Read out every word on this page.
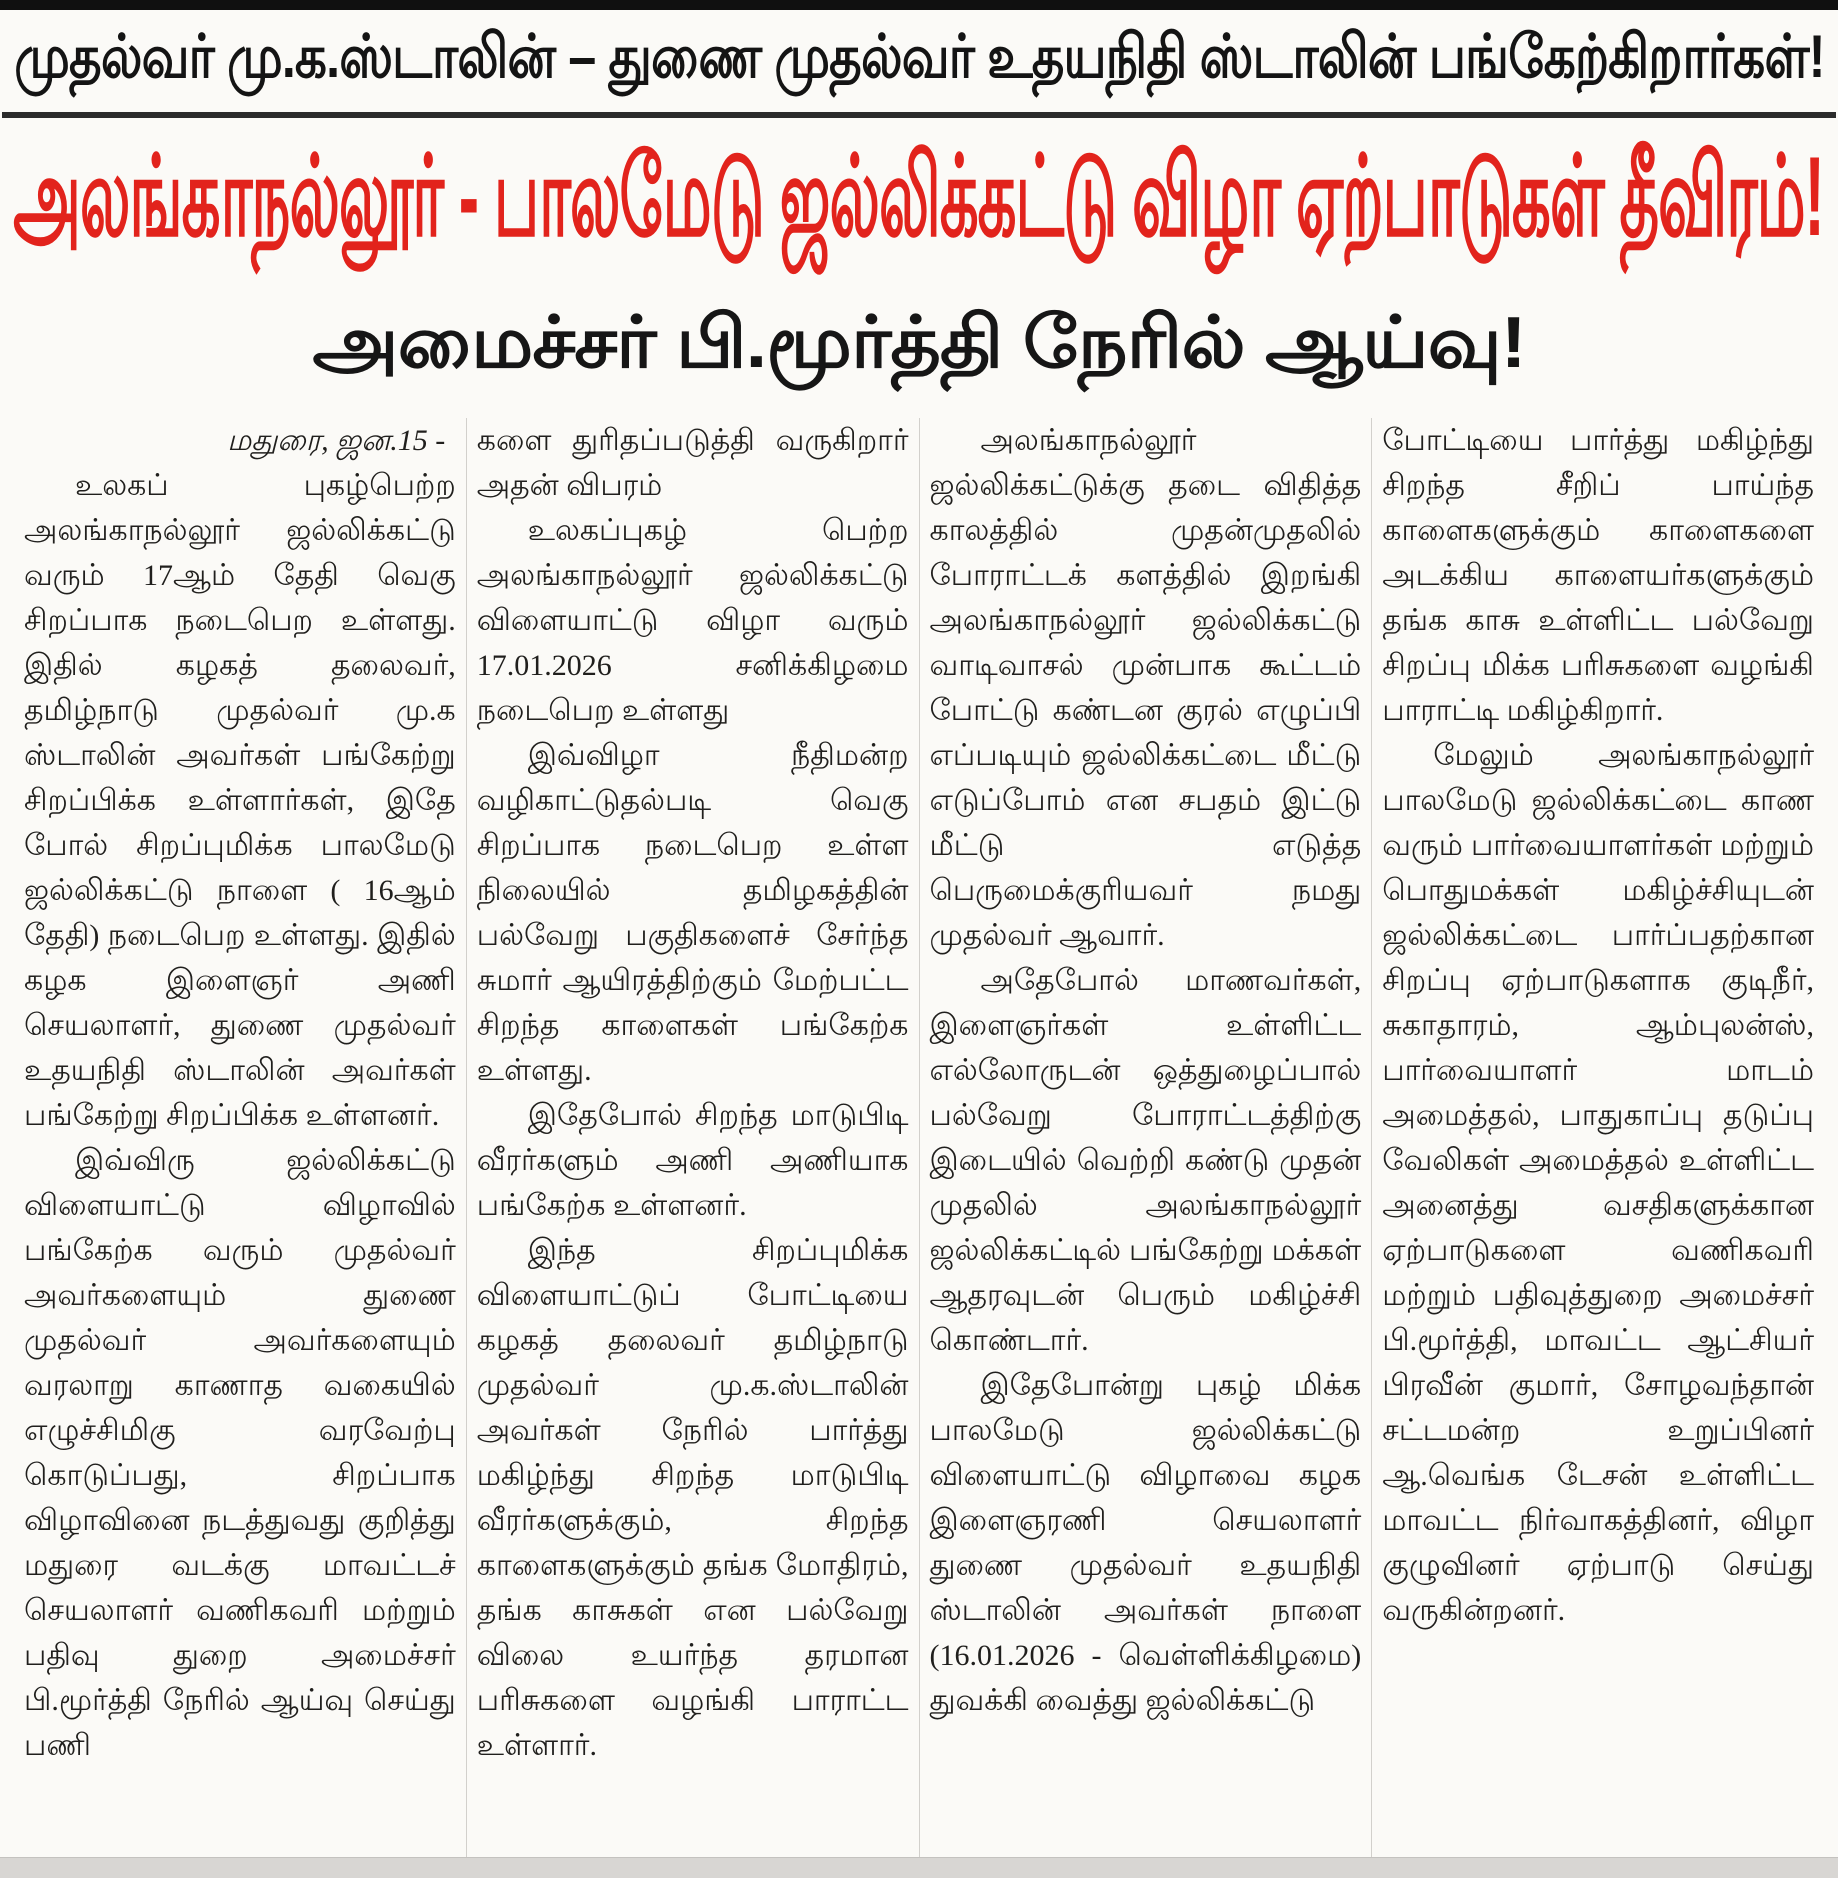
முதல்வர் மு.க.ஸ்டாலின் – துணை முதல்வர் உதயநிதி ஸ்டாலின் பங்கேற்கிறார்கள்!
அலங்காநல்லூர் - பாலமேடு ஜல்லிக்கட்டு விழா ஏற்பாடுகள் தீவிரம்!
அமைச்சர் பி.மூர்த்தி நேரில் ஆய்வு!

மதுரை, ஜன.15 -

உலகப் புகழ்பெற்ற அலங்காநல்லூர் ஜல்லிக்கட்டு வரும் 17ஆம் தேதி வெகு சிறப்பாக நடைபெற உள்ளது. இதில் கழகத் தலைவர், தமிழ்நாடு முதல்வர் மு.க ஸ்டாலின் அவர்கள் பங்கேற்று சிறப்பிக்க உள்ளார்கள், இதே போல் சிறப்புமிக்க பாலமேடு ஜல்லிக்கட்டு நாளை ( 16ஆம் தேதி) நடைபெற உள்ளது. இதில் கழக இளைஞர் அணி செயலாளர், துணை முதல்வர் உதயநிதி ஸ்டாலின் அவர்கள் பங்கேற்று சிறப்பிக்க உள்ளனர்.

இவ்விரு ஜல்லிக்கட்டு விளையாட்டு விழாவில் பங்கேற்க வரும் முதல்வர் அவர்களையும் துணை முதல்வர் அவர்களையும் வரலாறு காணாத வகையில் எழுச்சிமிகு வரவேற்பு கொடுப்பது, சிறப்பாக விழாவினை நடத்துவது குறித்து மதுரை வடக்கு மாவட்டச் செயலாளர் வணிகவரி மற்றும் பதிவு துறை அமைச்சர் பி.மூர்த்தி நேரில் ஆய்வு செய்து பணி

களை துரிதப்படுத்தி வருகிறார் அதன் விபரம்

உலகப்புகழ் பெற்ற அலங்காநல்லூர் ஜல்லிக்கட்டு விளையாட்டு விழா வரும் 17.01.2026 சனிக்கிழமை நடைபெற உள்ளது

இவ்விழா நீதிமன்ற வழிகாட்டுதல்படி வெகு சிறப்பாக நடைபெற உள்ள நிலையில் தமிழகத்தின் பல்வேறு பகுதிகளைச் சேர்ந்த சுமார் ஆயிரத்திற்கும் மேற்பட்ட சிறந்த காளைகள் பங்கேற்க உள்ளது.

இதேபோல் சிறந்த மாடுபிடி வீரர்களும் அணி அணியாக பங்கேற்க உள்ளனர்.

இந்த சிறப்புமிக்க விளையாட்டுப் போட்டியை கழகத் தலைவர் தமிழ்நாடு முதல்வர் மு.க.ஸ்டாலின் அவர்கள் நேரில் பார்த்து மகிழ்ந்து சிறந்த மாடுபிடி வீரர்களுக்கும், சிறந்த காளைகளுக்கும் தங்க மோதிரம், தங்க காசுகள் என பல்வேறு விலை உயர்ந்த தரமான பரிசுகளை வழங்கி பாராட்ட உள்ளார்.

அலங்காநல்லூர் ஜல்லிக்கட்டுக்கு தடை விதித்த காலத்தில் முதன்முதலில் போராட்டக் களத்தில் இறங்கி அலங்காநல்லூர் ஜல்லிக்கட்டு வாடிவாசல் முன்பாக கூட்டம் போட்டு கண்டன குரல் எழுப்பி எப்படியும் ஜல்லிக்கட்டை மீட்டு எடுப்போம் என சபதம் இட்டு மீட்டு எடுத்த பெருமைக்குரியவர் நமது முதல்வர் ஆவார்.

அதேபோல் மாணவர்கள், இளைஞர்கள் உள்ளிட்ட எல்லோருடன் ஒத்துழைப்பால் பல்வேறு போராட்டத்திற்கு இடையில் வெற்றி கண்டு முதன் முதலில் அலங்காநல்லூர் ஜல்லிக்கட்டில் பங்கேற்று மக்கள் ஆதரவுடன் பெரும் மகிழ்ச்சி கொண்டார்.

இதேபோன்று புகழ் மிக்க பாலமேடு ஜல்லிக்கட்டு விளையாட்டு விழாவை கழக இளைஞரணி செயலாளர் துணை முதல்வர் உதயநிதி ஸ்டாலின் அவர்கள் நாளை (16.01.2026 - வெள்ளிக்கிழமை) துவக்கி வைத்து ஜல்லிக்கட்டு

போட்டியை பார்த்து மகிழ்ந்து சிறந்த சீறிப் பாய்ந்த காளைகளுக்கும் காளைகளை அடக்கிய காளையர்களுக்கும் தங்க காசு உள்ளிட்ட பல்வேறு சிறப்பு மிக்க பரிசுகளை வழங்கி பாராட்டி மகிழ்கிறார்.

மேலும் அலங்காநல்லூர் பாலமேடு ஜல்லிக்கட்டை காண வரும் பார்வையாளர்கள் மற்றும் பொதுமக்கள் மகிழ்ச்சியுடன் ஜல்லிக்கட்டை பார்ப்பதற்கான சிறப்பு ஏற்பாடுகளாக குடிநீர், சுகாதாரம், ஆம்புலன்ஸ், பார்வையாளர் மாடம் அமைத்தல், பாதுகாப்பு தடுப்பு வேலிகள் அமைத்தல் உள்ளிட்ட அனைத்து வசதிகளுக்கான ஏற்பாடுகளை வணிகவரி மற்றும் பதிவுத்துறை அமைச்சர் பி.மூர்த்தி, மாவட்ட ஆட்சியர் பிரவீன் குமார், சோழவந்தான் சட்டமன்ற உறுப்பினர் ஆ.வெங்க டேசன் உள்ளிட்ட மாவட்ட நிர்வாகத்தினர், விழா குழுவினர் ஏற்பாடு செய்து வருகின்றனர்.
